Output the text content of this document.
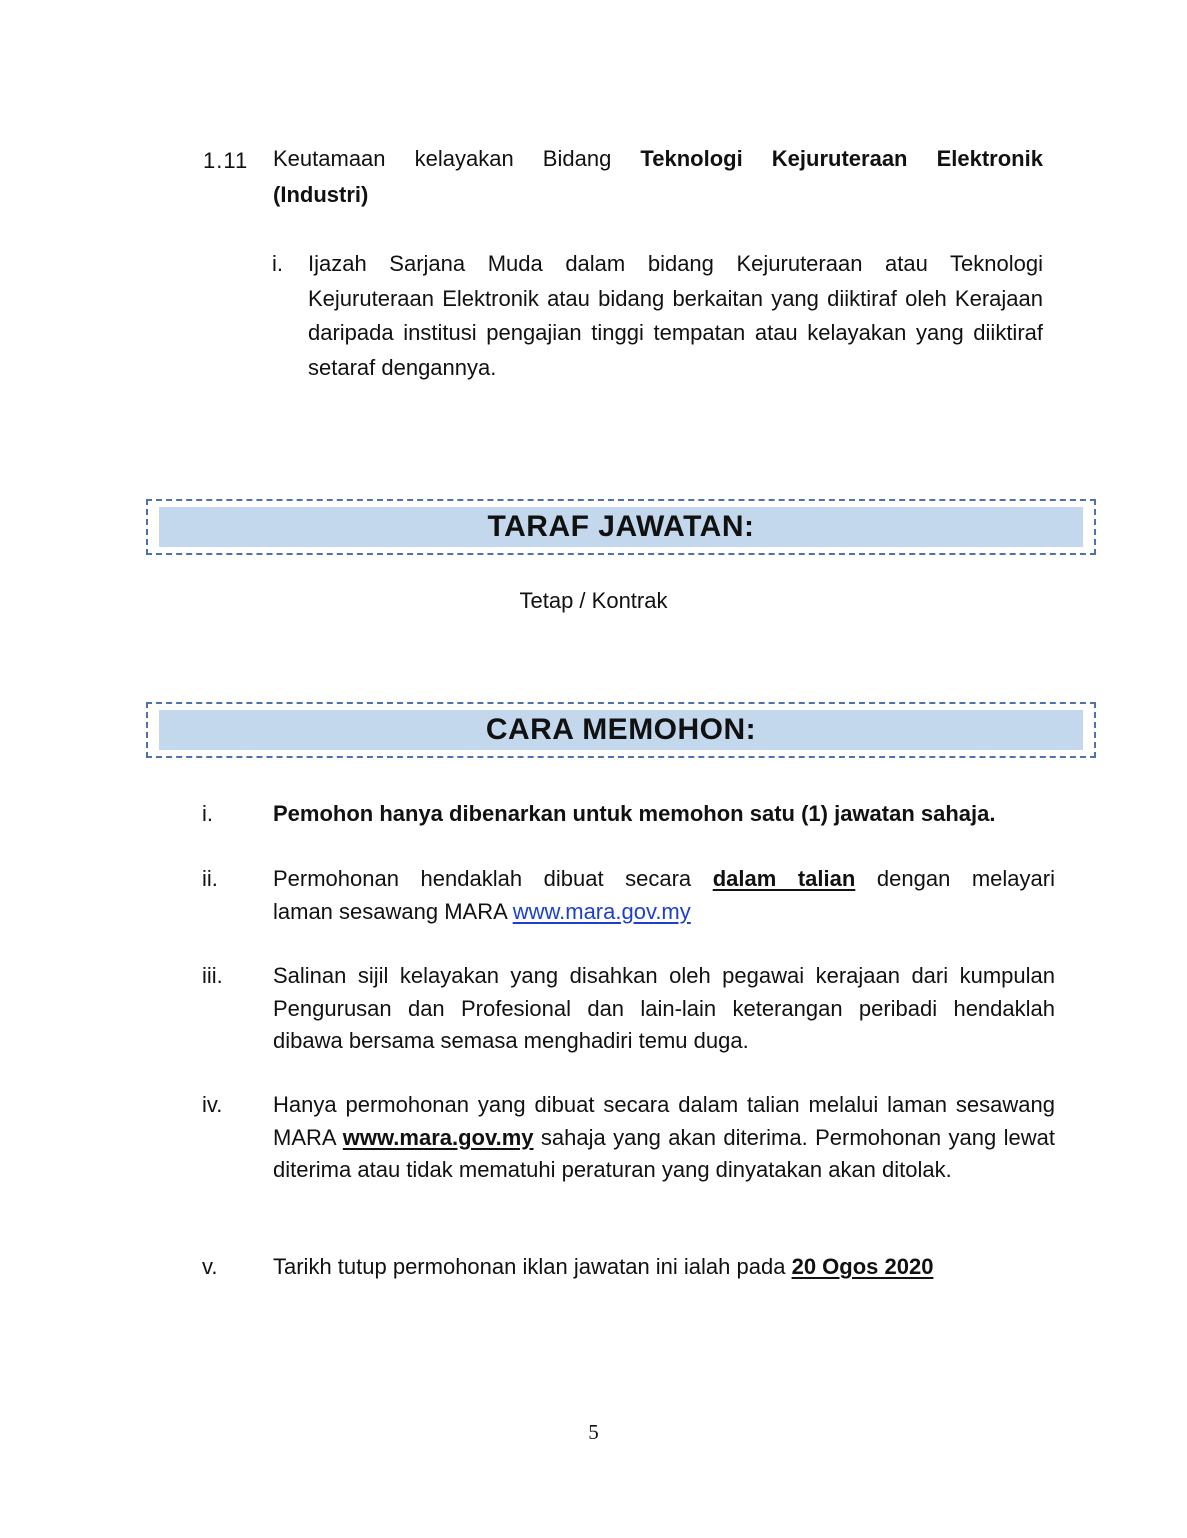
1.11 Keutamaan kelayakan Bidang Teknologi Kejuruteraan Elektronik
(Industri)
i. Ijazah Sarjana Muda dalam bidang Kejuruteraan atau Teknologi Kejuruteraan Elektronik atau bidang berkaitan yang diiktiraf oleh Kerajaan daripada institusi pengajian tinggi tempatan atau kelayakan yang diiktiraf setaraf dengannya.
TARAF JAWATAN:
Tetap / Kontrak
CARA MEMOHON:
i.	Pemohon hanya dibenarkan untuk memohon satu (1) jawatan sahaja.
ii.	Permohonan hendaklah dibuat secara dalam talian dengan melayari
laman sesawang MARA www.mara.gov.my
iii. Salinan sijil kelayakan yang disahkan oleh pegawai kerajaan dari kumpulan Pengurusan dan Profesional dan lain-lain keterangan peribadi hendaklah dibawa bersama semasa menghadiri temu duga.
iv. Hanya permohonan yang dibuat secara dalam talian melalui laman sesawang MARA www.mara.gov.my sahaja yang akan diterima. Permohonan yang lewat diterima atau tidak mematuhi peraturan yang dinyatakan akan ditolak.
v.	Tarikh tutup permohonan iklan jawatan ini ialah pada 20 Ogos 2020
5
